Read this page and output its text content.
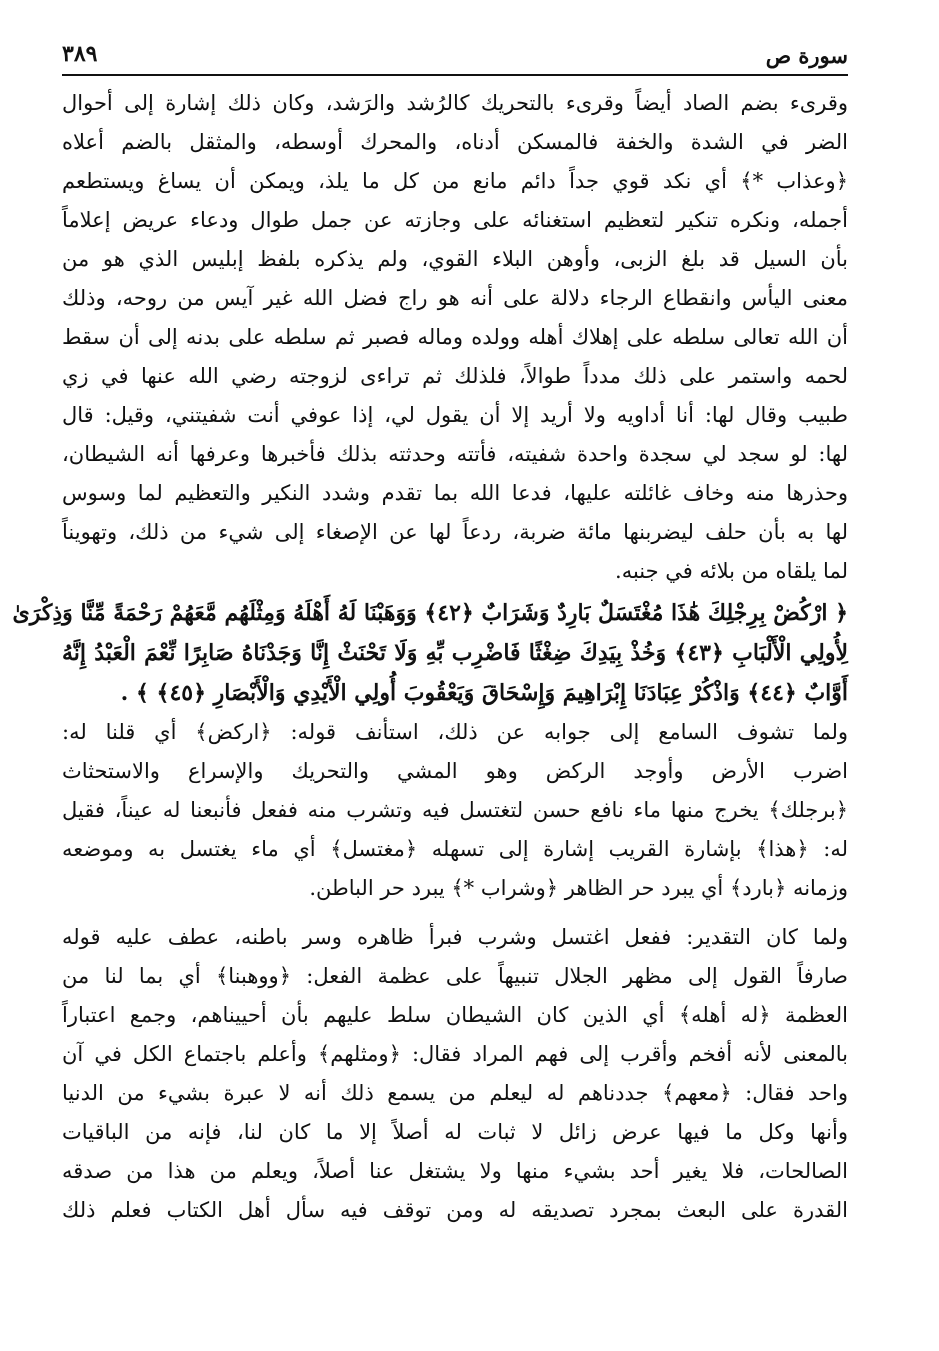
سورة ص
٣٨٩
وقرىء بضم الصاد أيضاً وقرىء بالتحريك كالرُشد والرَشد، وكان ذلك إشارة إلى أحوال
الضر في الشدة والخفة فالمسكن أدناه، والمحرك أوسطه، والمثقل بالضم أعلاه
﴿وعذاب *﴾ أي نكد قوي جداً دائم مانع من كل ما يلذ، ويمكن أن يساغ ويستطعم
أجمله، ونكره تنكير لتعظيم استغنائه على وجازته عن جمل طوال ودعاء عريض إعلاماً
بأن السيل قد بلغ الزبى، وأوهن البلاء القوي، ولم يذكره بلفظ إبليس الذي هو من
معنى اليأس وانقطاع الرجاء دلالة على أنه هو راج فضل الله غير آيس من روحه، وذلك
أن الله تعالى سلطه على إهلاك أهله وولده وماله فصبر ثم سلطه على بدنه إلى أن سقط
لحمه واستمر على ذلك مدداً طوالاً، فلذلك ثم تراءى لزوجته رضي الله عنها في زي
طبيب وقال لها: أنا أداويه ولا أريد إلا أن يقول لي، إذا عوفي أنت شفيتني، وقيل: قال
لها: لو سجد لي سجدة واحدة شفيته، فأتته وحدثته بذلك فأخبرها وعرفها أنه الشيطان،
وحذرها منه وخاف غائلته عليها، فدعا الله بما تقدم وشدد النكير والتعظيم لما وسوس
لها به بأن حلف ليضربنها مائة ضربة، ردعاً لها عن الإصغاء إلى شيء من ذلك، وتهويناً
لما يلقاه من بلائه في جنبه.
﴿ ارْكُضْ بِرِجْلِكَ هَٰذَا مُغْتَسَلٌ بَارِدٌ وَشَرَابٌ ﴿٤٢﴾ وَوَهَبْنَا لَهُ أَهْلَهُ وَمِثْلَهُم مَّعَهُمْ رَحْمَةً مِّنَّا وَذِكْرَىٰ
لِأُولِي الْأَلْبَابِ ﴿٤٣﴾ وَخُذْ بِيَدِكَ ضِغْثًا فَاضْرِب بِّهِ وَلَا تَحْنَثْ إِنَّا وَجَدْنَاهُ صَابِرًا نِّعْمَ الْعَبْدُ إِنَّهُ
أَوَّابٌ ﴿٤٤﴾ وَاذْكُرْ عِبَادَنَا إِبْرَاهِيمَ وَإِسْحَاقَ وَيَعْقُوبَ أُولِي الْأَيْدِي وَالْأَبْصَارِ ﴿٤٥﴾ ﴾ .
ولما تشوف السامع إلى جوابه عن ذلك، استأنف قوله: ﴿اركض﴾ أي قلنا له:
اضرب الأرض وأوجد الركض وهو المشي والتحريك والإسراع والاستحثاث
﴿برجلك﴾ يخرج منها ماء نافع حسن لتغتسل فيه وتشرب منه ففعل فأنبعنا له عيناً، فقيل
له: ﴿هذا﴾ بإشارة القريب إشارة إلى تسهله ﴿مغتسل﴾ أي ماء يغتسل به وموضعه
وزمانه ﴿بارد﴾ أي يبرد حر الظاهر ﴿وشراب *﴾ يبرد حر الباطن.
ولما كان التقدير: ففعل اغتسل وشرب فبرأ ظاهره وسر باطنه، عطف عليه قوله
صارفاً القول إلى مظهر الجلال تنبيهاً على عظمة الفعل: ﴿ووهبنا﴾ أي بما لنا من
العظمة ﴿له أهله﴾ أي الذين كان الشيطان سلط عليهم بأن أحييناهم، وجمع اعتباراً
بالمعنى لأنه أفخم وأقرب إلى فهم المراد فقال: ﴿ومثلهم﴾ وأعلم باجتماع الكل في آن
واحد فقال: ﴿معهم﴾ جددناهم له ليعلم من يسمع ذلك أنه لا عبرة بشيء من الدنيا
وأنها وكل ما فيها عرض زائل لا ثبات له أصلاً إلا ما كان لنا، فإنه من الباقيات
الصالحات، فلا يغير أحد بشيء منها ولا يشتغل عنا أصلاً، ويعلم من هذا من صدقه
القدرة على البعث بمجرد تصديقه له ومن توقف فيه سأل أهل الكتاب فعلم ذلك
